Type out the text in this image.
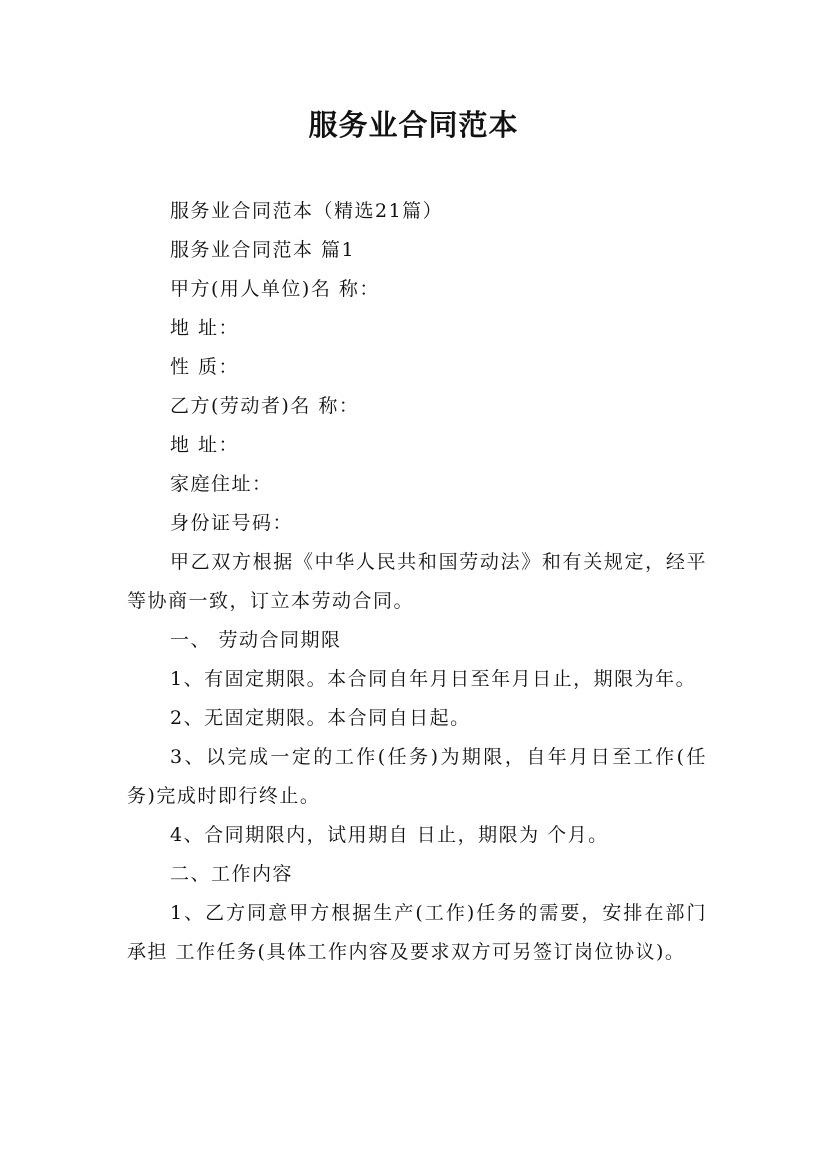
服务业合同范本

服务业合同范本（精选21篇）

服务业合同范本 篇1

甲方(用人单位)名 称：

地 址：

性 质：

乙方(劳动者)名 称：

地 址：

家庭住址：

身份证号码：

甲乙双方根据《中华人民共和国劳动法》和有关规定，经平等协商一致，订立本劳动合同。

一、 劳动合同期限

1、有固定期限。本合同自年月日至年月日止，期限为年。

2、无固定期限。本合同自日起。

3、以完成一定的工作(任务)为期限，自年月日至工作(任务)完成时即行终止。

4、合同期限内，试用期自 日止，期限为 个月。

二、工作内容

1、乙方同意甲方根据生产(工作)任务的需要，安排在部门承担 工作任务(具体工作内容及要求双方可另签订岗位协议)。
